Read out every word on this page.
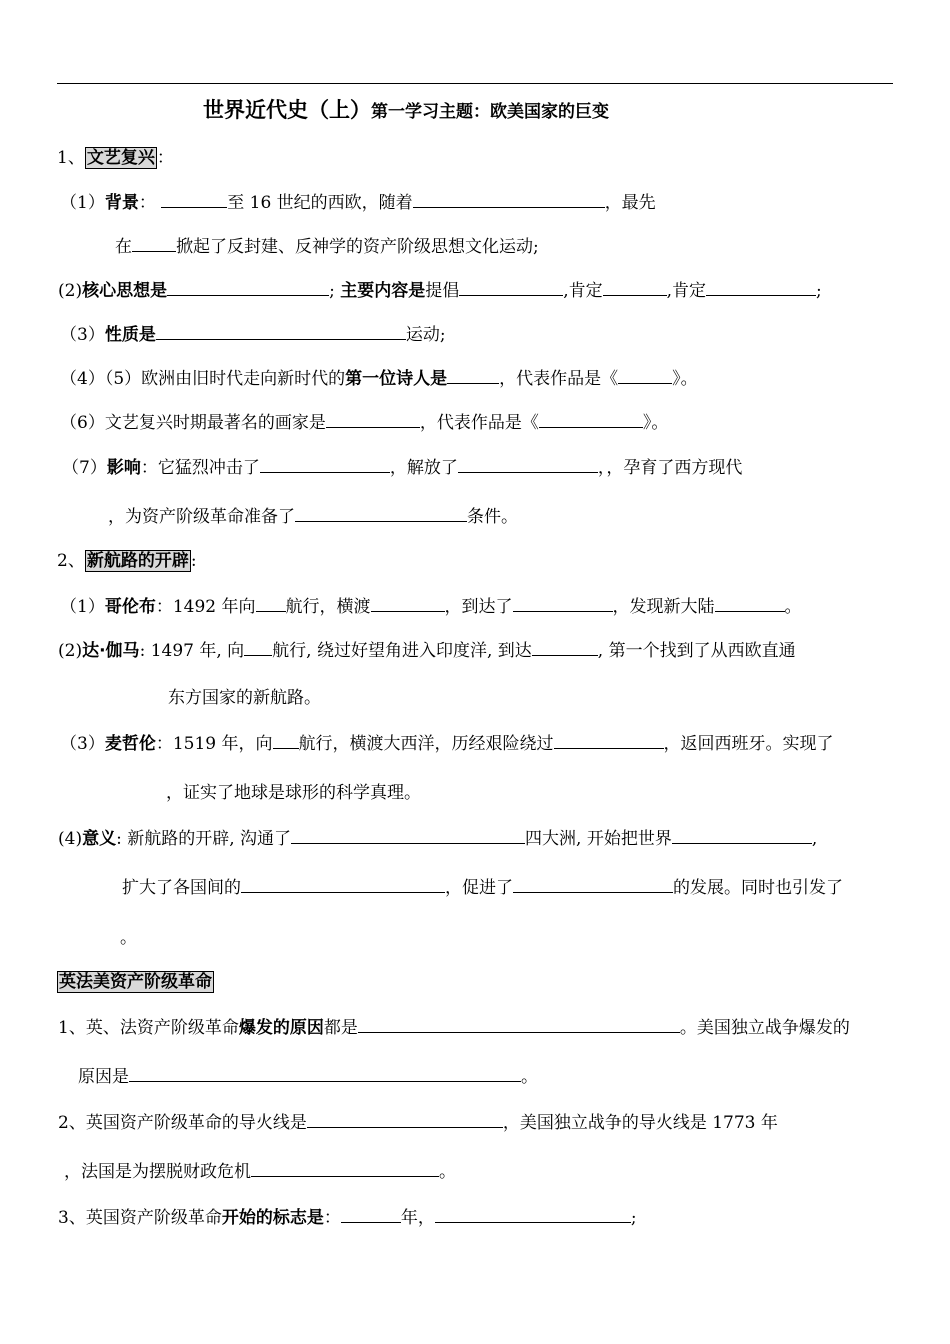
世界近代史（上）第一学习主题：欧美国家的巨变
1、 文艺复兴 ：
（1）背景：	至 16 世纪的西欧，随着	，最先
在	掀起了反封建、反神学的资产阶级思想文化运动;
(2)核心思想是	; 主要内容是提倡	,肯定	,肯定	;
（3）性质是	运动;
（4）（5）欧洲由旧时代走向新时代的第一位诗人是	，代表作品是《	》。
（6）文艺复兴时期最著名的画家是	，代表作品是《	》。
（7）影响：它猛烈冲击了	，解放了	，，孕育了西方现代
，为资产阶级革命准备了	条件。
2、 新航路的开辟 :
（1）哥伦布：1492 年向 航行，横渡	，到达了	，发现新大陆	。
(2)达·伽马: 1497 年, 向 航行, 绕过好望角进入印度洋, 到达	, 第一个找到了从西欧直通
东方国家的新航路。
（3）麦哲伦：1519 年，向 航行，横渡大西洋，历经艰险绕过	，返回西班牙。实现了
，证实了地球是球形的科学真理。
(4)意义: 新航路的开辟, 沟通了	四大洲, 开始把世界	,
扩大了各国间的	，促进了	的发展。同时也引发了
。
英法美资产阶级革命
1、英、法资产阶级革命爆发的原因都是	。美国独立战争爆发的
原因是	。
2、英国资产阶级革命的导火线是	，美国独立战争的导火线是 1773 年
，法国是为摆脱财政危机	。
3、英国资产阶级革命开始的标志是：	年，	;
